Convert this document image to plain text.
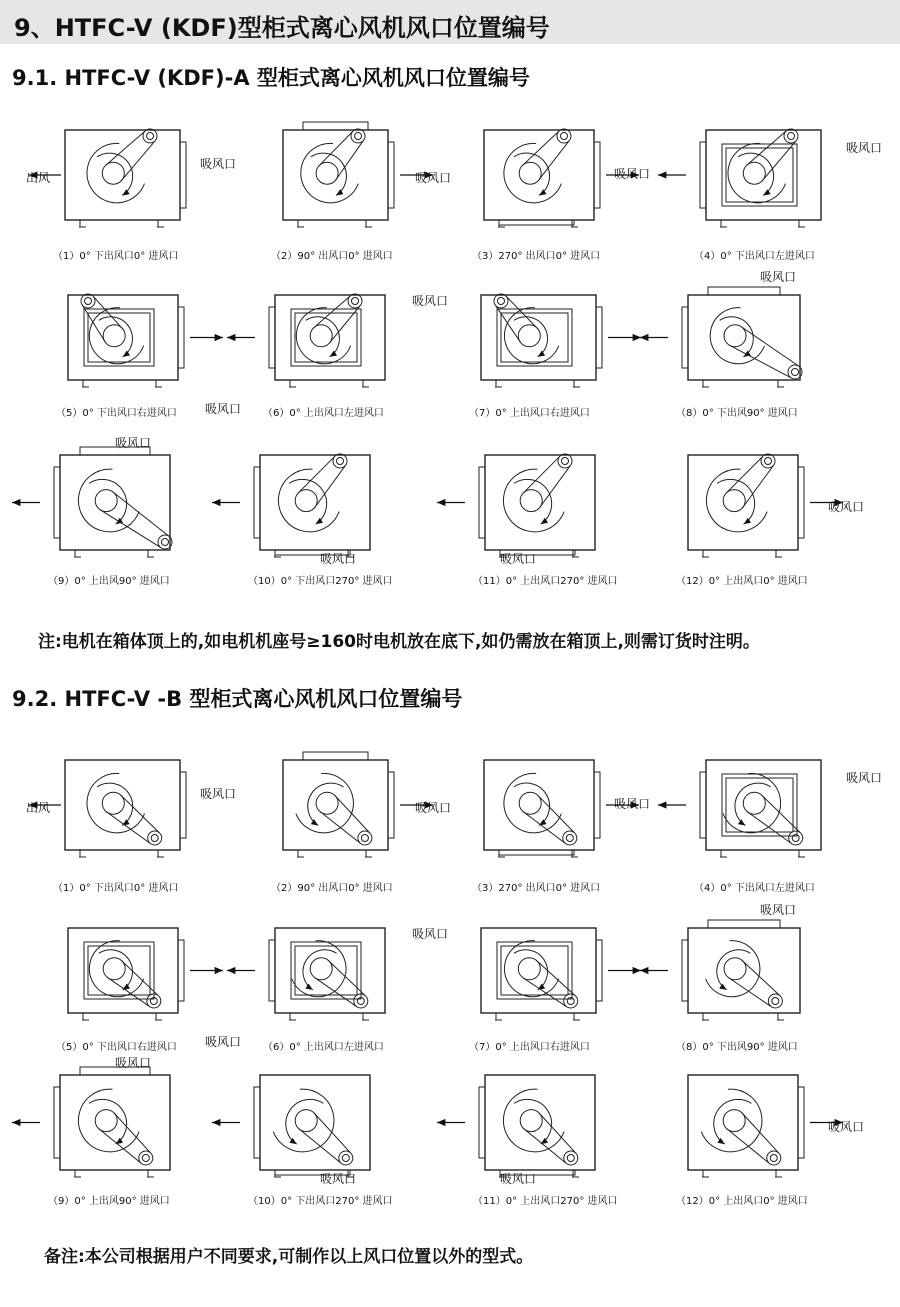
9、HTFC-V (KDF)型柜式离心风机风口位置编号
9.1. HTFC-V (KDF)-A 型柜式离心风机风口位置编号
注:电机在箱体顶上的,如电机机座号≥160时电机放在底下,如仍需放在箱顶上,则需订货时注明。
9.2. HTFC-V -B 型柜式离心风机风口位置编号
备注:本公司根据用户不同要求,可制作以上风口位置以外的型式。
（1）0° 下出风口0° 进风口	（2）90° 出风口0° 进风口	（3）270° 出风口0° 进风口	（4）0° 下出风口左进风口
（5）0° 下出风口右进风口	（6）0° 上出风口左进风口	（7）0° 上出风口右进风口	（8）0° 下出风90° 进风口
（9）0° 上出风90° 进风口	（10）0° 下出风口270° 进风口	（11）0° 上出风口270° 进风口	（12）0° 上出风口0° 进风口
吸风口
吸风口	吸风口
吸风口
出风
吸风口
吸风口
吸风口
吸风口
吸风口	吸风口
吸风口
（1）0° 下出风口0° 进风口	（2）90° 出风口0° 进风口	（3）270° 出风口0° 进风口	（4）0° 下出风口左进风口
（5）0° 下出风口右进风口	（6）0° 上出风口左进风口	（7）0° 上出风口右进风口	（8）0° 下出风90° 进风口
（9）0° 上出风90° 进风口	（10）0° 下出风口270° 进风口	（11）0° 上出风口270° 进风口	（12）0° 上出风口0° 进风口
吸风口
吸风口	吸风口
吸风口
出风
吸风口
吸风口
吸风口
吸风口
吸风口	吸风口
吸风口
